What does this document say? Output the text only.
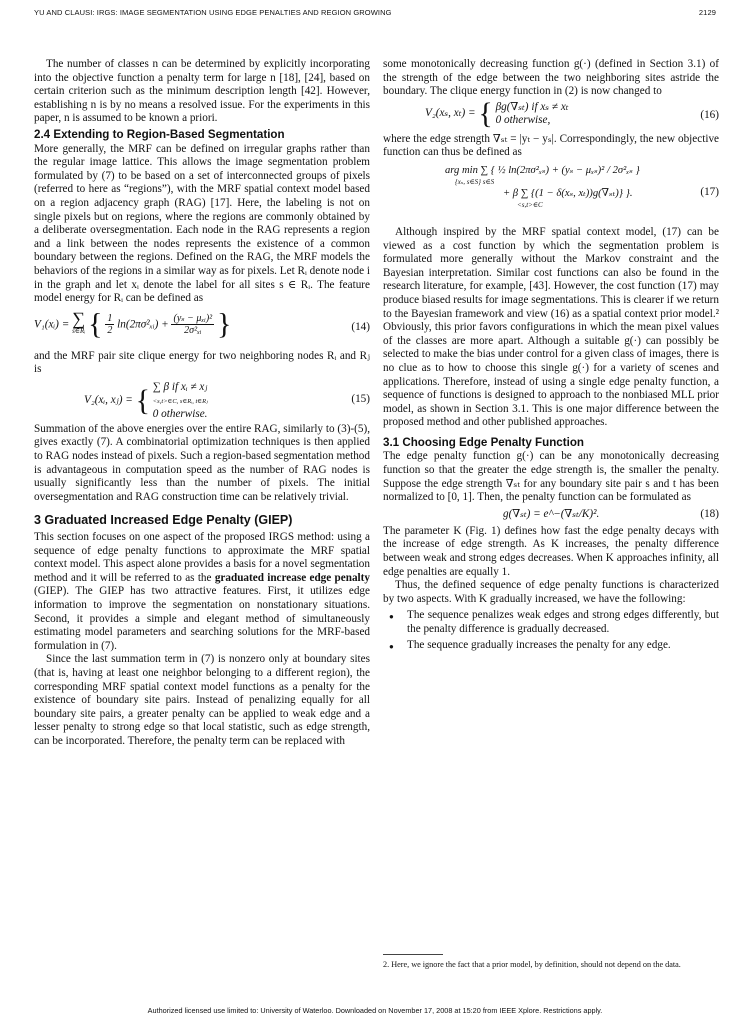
YU AND CLAUSI: IRGS: IMAGE SEGMENTATION USING EDGE PENALTIES AND REGION GROWING	2129

The number of classes n can be determined by explicitly incorporating into the objective function a penalty term for large n [18], [24], based on certain criterion such as the minimum description length [42]. However, establishing n is by no means a resolved issue. For the experiments in this paper, n is assumed to be known a priori.

2.4 Extending to Region-Based Segmentation

More generally, the MRF can be defined on irregular graphs rather than the regular image lattice. This allows the image segmentation problem formulated by (7) to be based on a set of interconnected groups of pixels (referred to here as “regions”), with the MRF spatial context model based on a region adjacency graph (RAG) [17]. Here, the labeling is not on single pixels but on regions, where the regions are commonly obtained by a deliberate oversegmentation. Each node in the RAG represents a region and a link between the nodes represents the existence of a common boundary between the regions. Defined on the RAG, the MRF models the behaviors of the regions in a similar way as for pixels. Let Rᵢ denote node i in the graph and let xᵢ denote the label for all sites s ∈ Rᵢ. The feature model energy for Rᵢ can be defined as

V₁(xᵢ) = ∑
s∈Rᵢ { $\frac{1}{2}$ ln(2πσ²ₓᵢ) + $\frac{\text{(yₛ − μₓᵢ)²}}{\text{2σ²ₓᵢ}}$ }	(14)

and the MRF pair site clique energy for two neighboring nodes Rᵢ and Rⱼ is

V₂(xᵢ, xⱼ) = { ∑ β if xᵢ ≠ xⱼ
<s,t>∈C, s∈Rᵢ, t∈Rⱼ
0 otherwise.
(15)

Summation of the above energies over the entire RAG, similarly to (3)-(5), gives exactly (7). A combinatorial optimization techniques is then applied to RAG nodes instead of pixels. Such a region-based segmentation method is advantageous in computation speed as the number of RAG nodes is usually significantly less than the number of pixels. The initial oversegmentation and RAG construction time can be relatively trivial.

3 Graduated Increased Edge Penalty (GIEP)

This section focuses on one aspect of the proposed IRGS method: using a sequence of edge penalty functions to approximate the MRF spatial context model. This aspect alone provides a basis for a novel segmentation method and it will be referred to as the graduated increase edge penalty (GIEP). The GIEP has two attractive features. First, it utilizes edge information to improve the segmentation on nonstationary situations. Second, it provides a simple and elegant method of simultaneously estimating model parameters and searching solutions for the MRF-based formulation in (7).

Since the last summation term in (7) is nonzero only at boundary sites (that is, having at least one neighbor belonging to a different region), the corresponding MRF spatial context model functions as a penalty for the existence of boundary site pairs. Instead of penalizing equally for all boundary site pairs, a greater penalty can be applied to weak edge and a lesser penalty to strong edge so that local statistic, such as edge strength, can be incorporated. Therefore, the penalty term can be replaced with

some monotonically decreasing function g(·) (defined in Section 3.1) of the strength of the edge between the two neighboring sites astride the boundary. The clique energy function in (2) is now changed to

V₂(xₛ, xₜ) = { βg(∇ₛₜ) if xₛ ≠ xₜ
0 otherwise,	(16)

where the edge strength ∇ₛₜ = |yₜ − yₛ|. Correspondingly, the new objective function can thus be defined as

arg min ∑ { ½ ln(2πσ²ₓₛ) + (yₛ − μₓₛ)² / 2σ²ₓₛ }
{xₛ, s∈S} s∈S
+ β ∑ {(1 − δ(xₛ, xₜ))g(∇ₛₜ)} }.
<s,t>∈C
(17)

Although inspired by the MRF spatial context model, (17) can be viewed as a cost function by which the segmentation problem is formulated more generally without the Markov constraint and the Bayesian interpretation. Similar cost functions can also be found in the research literature, for example, [43]. However, the cost function (17) may produce biased results for image segmentations. This is clearer if we return to the Bayesian framework and view (16) as a spatial context prior model.² Obviously, this prior favors configurations in which the mean pixel values of the classes are more apart. Although a suitable g(·) can possibly be selected to make the bias under control for a given class of images, there is no clue as to how to choose this single g(·) for a variety of scenes and applications. Therefore, instead of using a single edge penalty function, a sequence of functions is designed to approach to the nonbiased MLL prior model, as shown in Section 3.1. This is one major difference between the proposed method and other published approaches.

3.1 Choosing Edge Penalty Function

The edge penalty function g(·) can be any monotonically decreasing function so that the greater the edge strength is, the smaller the penalty. Suppose the edge strength ∇ₛₜ for any boundary site pair s and t has been normalized to [0, 1]. Then, the penalty function can be formulated as

g(∇ₛₜ) = e^−(∇ₛₜ/K)².	(18)

The parameter K (Fig. 1) defines how fast the edge penalty decays with the increase of edge strength. As K increases, the penalty difference between weak and strong edges decreases. When K approaches infinity, all edge penalties are equally 1.

Thus, the defined sequence of edge penalty functions is characterized by two aspects. With K gradually increased, we have the following:

● The sequence penalizes weak edges and strong edges differently, but the penalty difference is gradually decreased.
● The sequence gradually increases the penalty for any edge.
2. Here, we ignore the fact that a prior model, by definition, should not depend on the data.
Authorized licensed use limited to: University of Waterloo. Downloaded on November 17, 2008 at 15:20 from IEEE Xplore. Restrictions apply.
